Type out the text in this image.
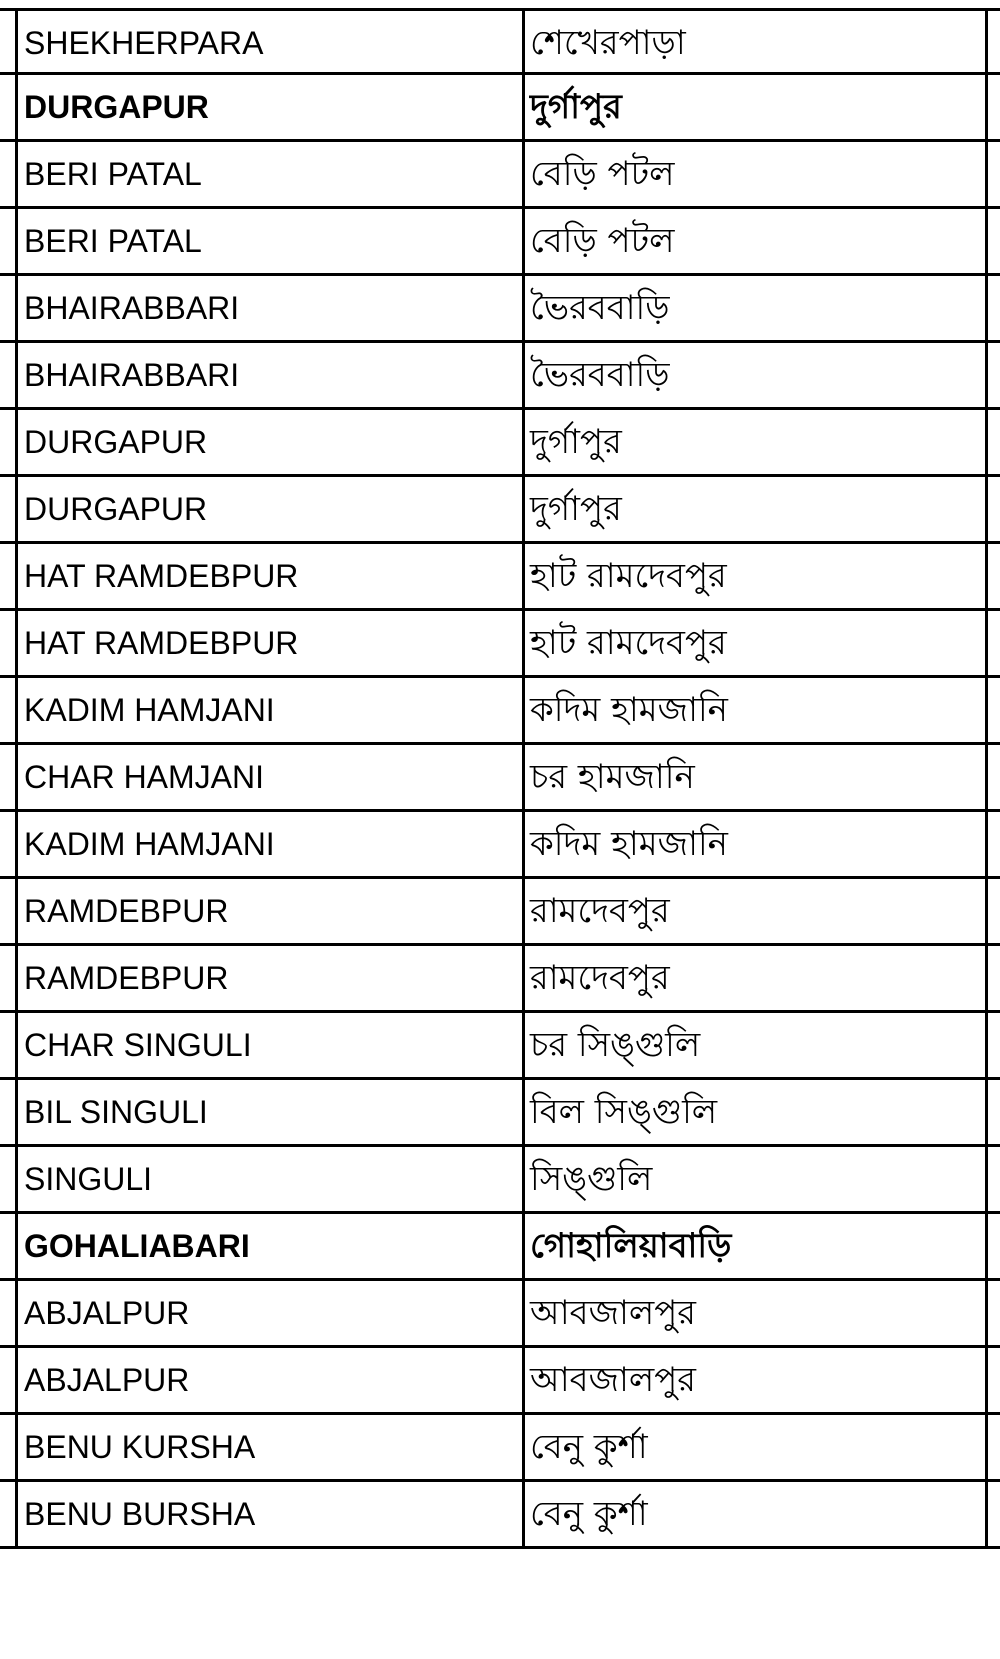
SHEKHERPARA	শেখেরপাড়া
DURGAPUR	দুর্গাপুর
BERI PATAL	বেড়ি পটল
BERI PATAL	বেড়ি পটল
BHAIRABBARI	ভৈরববাড়ি
BHAIRABBARI	ভৈরববাড়ি
DURGAPUR	দুর্গাপুর
DURGAPUR	দুর্গাপুর
HAT RAMDEBPUR	হাট রামদেবপুর
HAT RAMDEBPUR	হাট রামদেবপুর
KADIM HAMJANI	কদিম হামজানি
CHAR HAMJANI	চর হামজানি
KADIM HAMJANI	কদিম হামজানি
RAMDEBPUR	রামদেবপুর
RAMDEBPUR	রামদেবপুর
CHAR SINGULI	চর সিঙ্গুলি
BIL SINGULI	বিল সিঙ্গুলি
SINGULI	সিঙ্গুলি
GOHALIABARI	গোহালিয়াবাড়ি
ABJALPUR	আবজালপুর
ABJALPUR	আবজালপুর
BENU KURSHA	বেনু কুর্শা
BENU BURSHA	বেনু কুর্শা
